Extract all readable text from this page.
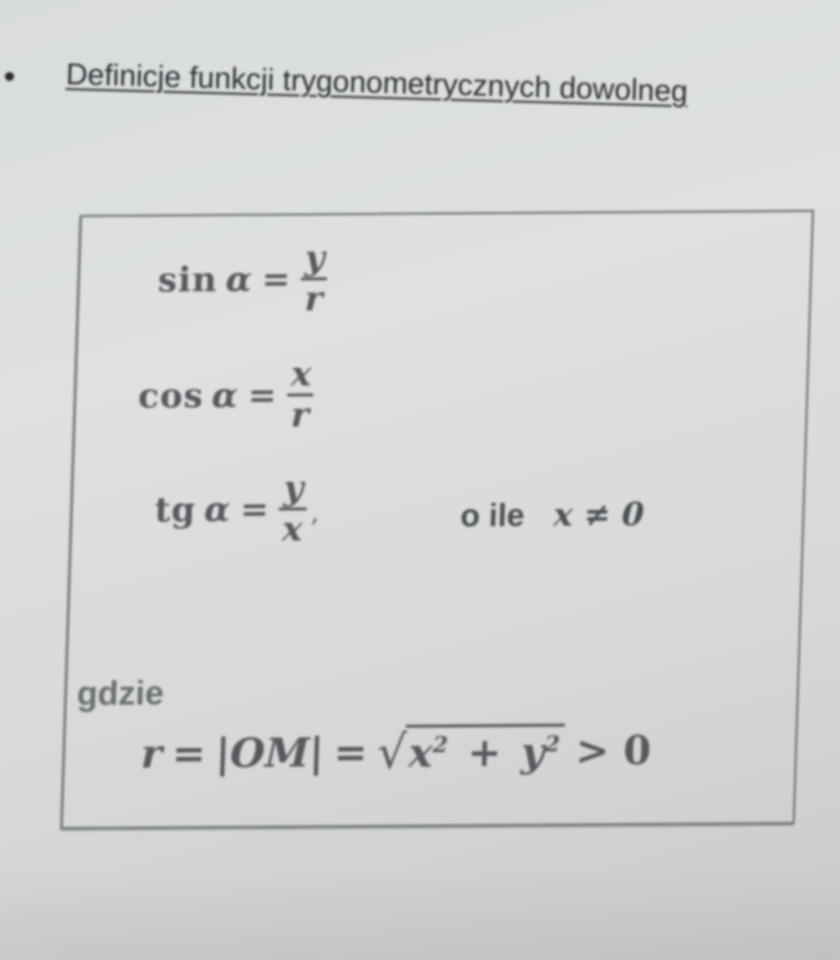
Definicje funkcji trygonometrycznych dowolneg
$\sin \alpha = \frac{y}{r}$
$\cos \alpha = \frac{x}{r}$
tg $\alpha = \frac{y}{x}$ ,	o ile x ≠ 0
gdzie
r = |OM| = √ $x^2 + y^2 > 0$
